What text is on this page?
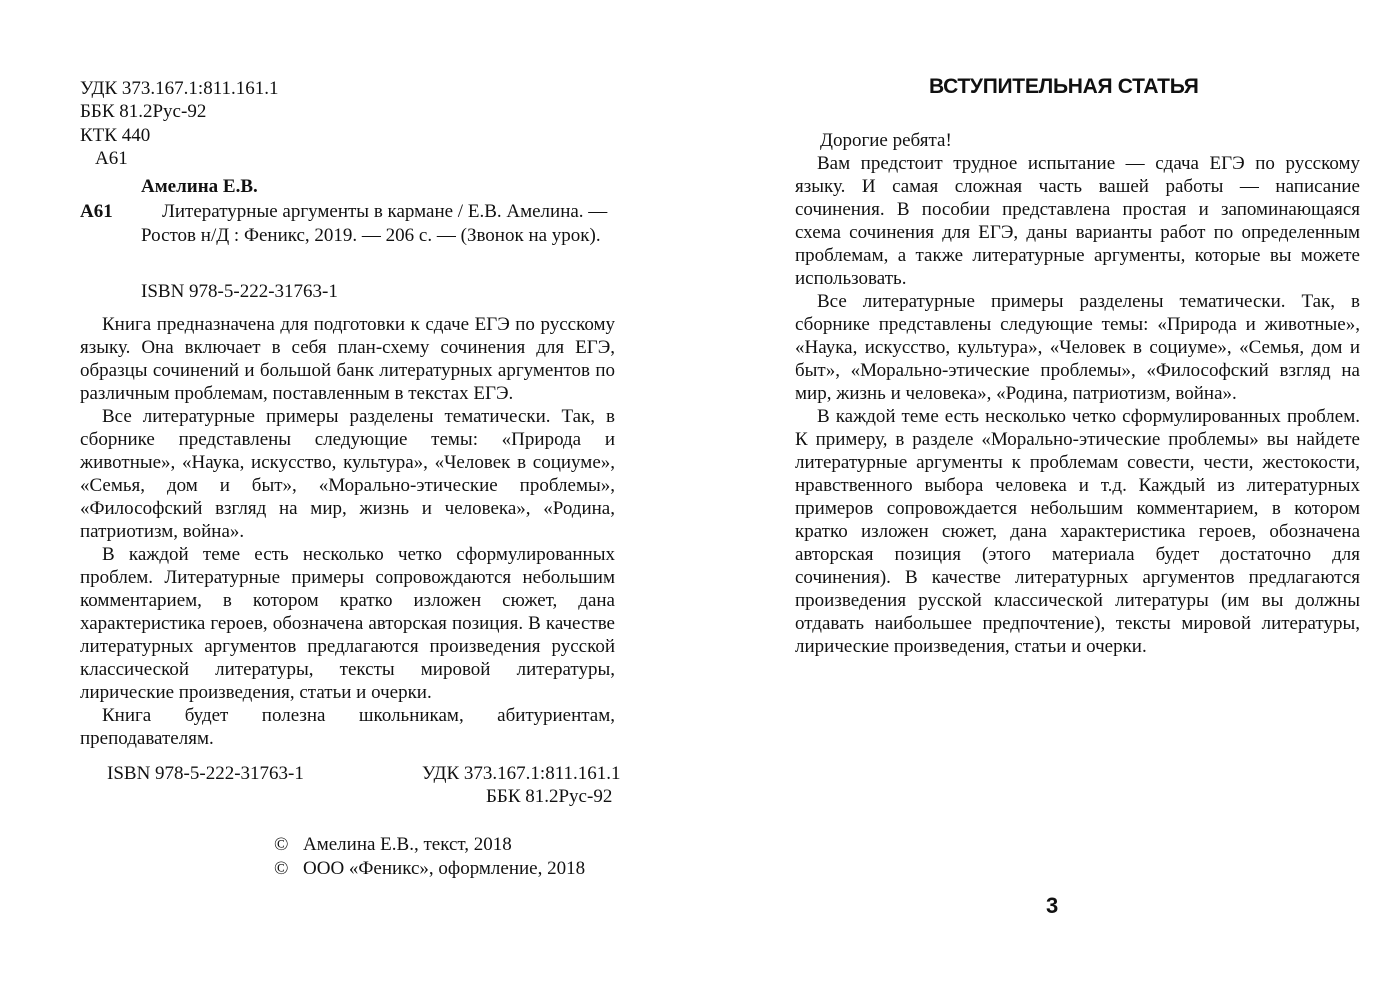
УДК 373.167.1:811.161.1
ББК 81.2Рус-92
КТК 440
А61
Амелина Е.В.
А61	Литературные аргументы в кармане / Е.В. Амелина. —
Ростов н/Д : Феникс, 2019. — 206 с. — (Звонок на урок).
ISBN 978-5-222-31763-1

Книга предназначена для подготовки к сдаче ЕГЭ по русскому языку. Она включает в себя план-схему сочинения для ЕГЭ, образцы сочинений и большой банк литературных аргументов по различным проблемам, поставленным в текстах ЕГЭ.

Все литературные примеры разделены тематически. Так, в сборнике представлены следующие темы: «Природа и животные», «Наука, искусство, культура», «Человек в социуме», «Семья, дом и быт», «Морально-этические проблемы», «Философский взгляд на мир, жизнь и человека», «Родина, патриотизм, война».

В каждой теме есть несколько четко сформулированных проблем. Литературные примеры сопровождаются небольшим комментарием, в котором кратко изложен сюжет, дана характеристика героев, обозначена авторская позиция. В качестве литературных аргументов предлагаются произведения русской классической литературы, тексты мировой литературы, лирические произведения, статьи и очерки.

Книга будет полезна школьникам, абитуриентам, преподавателям.

ISBN 978-5-222-31763-1	УДК 373.167.1:811.161.1
ББК 81.2Рус-92
© Амелина Е.В., текст, 2018
© ООО «Феникс», оформление, 2018
ВСТУПИТЕЛЬНАЯ СТАТЬЯ
Дорогие ребята!

Вам предстоит трудное испытание — сдача ЕГЭ по русскому языку. И самая сложная часть вашей работы — написание сочинения. В пособии представлена простая и запоминающаяся схема сочинения для ЕГЭ, даны варианты работ по определенным проблемам, а также литературные аргументы, которые вы можете использовать.

Все литературные примеры разделены тематически. Так, в сборнике представлены следующие темы: «Природа и животные», «Наука, искусство, культура», «Человек в социуме», «Семья, дом и быт», «Морально-этические проблемы», «Философский взгляд на мир, жизнь и человека», «Родина, патриотизм, война».

В каждой теме есть несколько четко сформулированных проблем. К примеру, в разделе «Морально-этические проблемы» вы найдете литературные аргументы к проблемам совести, чести, жестокости, нравственного выбора человека и т.д. Каждый из литературных примеров сопровождается небольшим комментарием, в котором кратко изложен сюжет, дана характеристика героев, обозначена авторская позиция (этого материала будет достаточно для сочинения). В качестве литературных аргументов предлагаются произведения русской классической литературы (им вы должны отдавать наибольшее предпочтение), тексты мировой литературы, лирические произведения, статьи и очерки.

3
